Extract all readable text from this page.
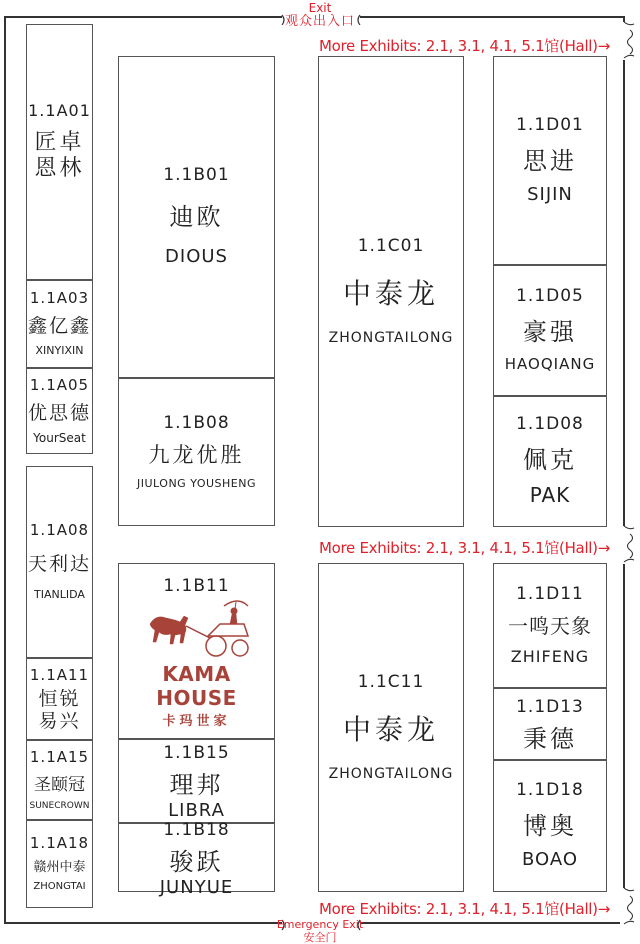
Exit
观众出入口
Emergency Exit
安全门
More Exhibits: 2.1, 3.1, 4.1, 5.1馆(Hall)→
More Exhibits: 2.1, 3.1, 4.1, 5.1馆(Hall)→
More Exhibits: 2.1, 3.1, 4.1, 5.1馆(Hall)→
1.1A01
匠卓
恩林
1.1A03
鑫亿鑫
XINYIXIN
1.1A05
优思德
YourSeat
1.1A08
天利达
TIANLIDA
1.1A11
恒锐
易兴
1.1A15
圣颐冠
SUNECROWN
1.1A18
赣州中泰
ZHONGTAI
1.1B01
迪欧
DIOUS
1.1B08
九龙优胜
JIULONG YOUSHENG
1.1B11
KAMA HOUSE
卡玛世家
1.1B15
理邦
LIBRA
1.1B18
骏跃
JUNYUE
1.1C01
中泰龙
ZHONGTAILONG
1.1C11
中泰龙
ZHONGTAILONG
1.1D01
思进
SIJIN
1.1D05
豪强
HAOQIANG
1.1D08
佩克
PAK
1.1D11
一鸣天象
ZHIFENG
1.1D13
秉德
1.1D18
博奥
BOAO
